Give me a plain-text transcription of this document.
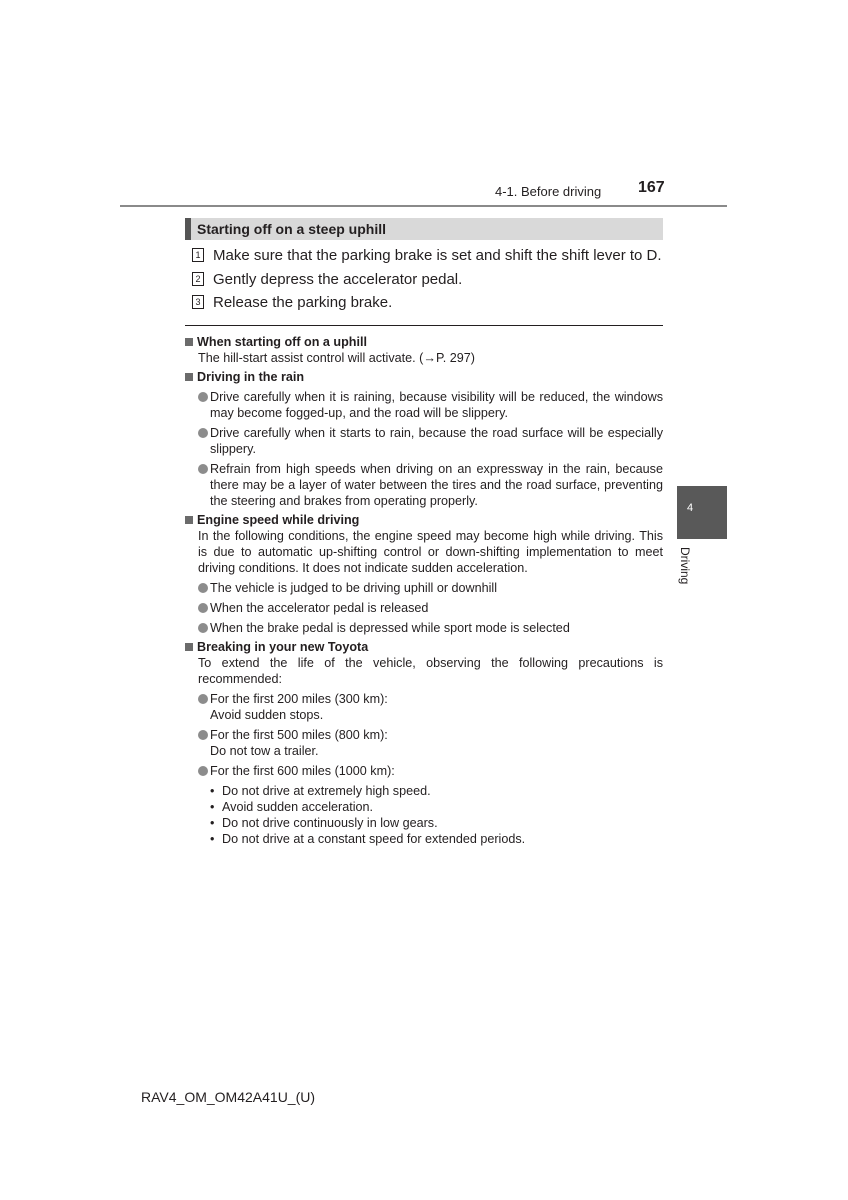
4-1. Before driving 167
Starting off on a steep uphill
1 Make sure that the parking brake is set and shift the shift lever to D.
2 Gently depress the accelerator pedal.
3 Release the parking brake.
When starting off on a uphill
The hill-start assist control will activate. (→P. 297)
Driving in the rain
Drive carefully when it is raining, because visibility will be reduced, the windows may become fogged-up, and the road will be slippery.
Drive carefully when it starts to rain, because the road surface will be especially slippery.
Refrain from high speeds when driving on an expressway in the rain, because there may be a layer of water between the tires and the road surface, preventing the steering and brakes from operating properly.
Engine speed while driving
In the following conditions, the engine speed may become high while driving. This is due to automatic up-shifting control or down-shifting implementation to meet driving conditions. It does not indicate sudden acceleration.
The vehicle is judged to be driving uphill or downhill
When the accelerator pedal is released
When the brake pedal is depressed while sport mode is selected
Breaking in your new Toyota
To extend the life of the vehicle, observing the following precautions is recommended:
For the first 200 miles (300 km):
Avoid sudden stops.
For the first 500 miles (800 km):
Do not tow a trailer.
For the first 600 miles (1000 km):
• Do not drive at extremely high speed.
• Avoid sudden acceleration.
• Do not drive continuously in low gears.
• Do not drive at a constant speed for extended periods.
4
Driving
RAV4_OM_OM42A41U_(U)
